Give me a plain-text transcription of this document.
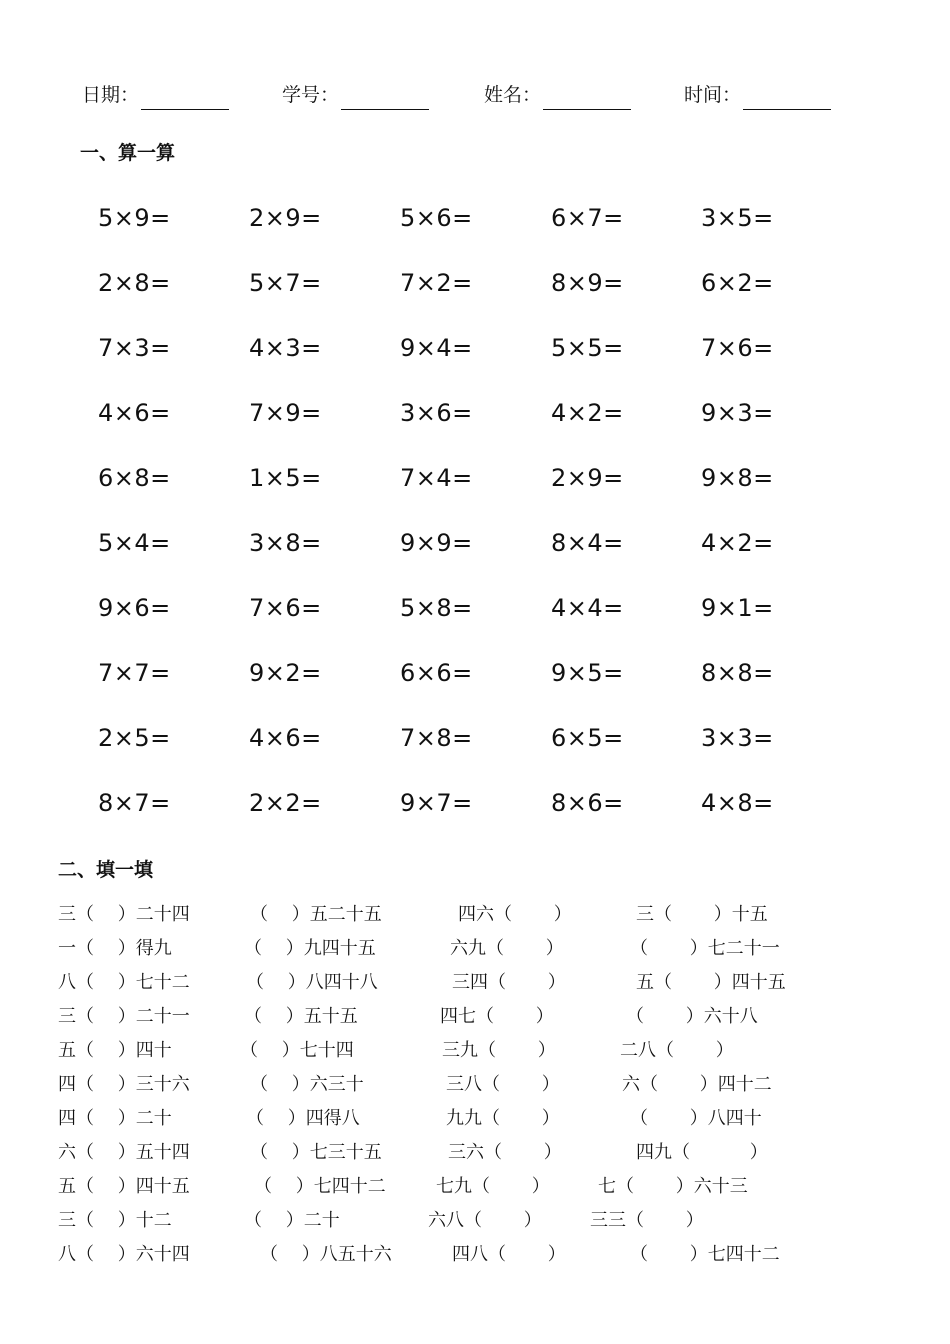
日期：	学号：	姓名：	时间：
一、算一算
5×9=	2×9=	5×6=	6×7=	3×5=
2×8=	5×7=	7×2=	8×9=	6×2=
7×3=	4×3=	9×4=	5×5=	7×6=
4×6=	7×9=	3×6=	4×2=	9×3=
6×8=	1×5=	7×4=	2×9=	9×8=
5×4=	3×8=	9×9=	8×4=	4×2=
9×6=	7×6=	5×8=	4×4=	9×1=
7×7=	9×2=	6×6=	9×5=	8×8=
2×5=	4×6=	7×8=	6×5=	3×3=
8×7=	2×2=	9×7=	8×6=	4×8=
二、填一填
三（　 ）二十四	（　 ）五二十五	四六（　　 ）	三（　　 ）十五
一（　 ）得九	（　 ）九四十五	六九（　　 ）	（　　 ）七二十一
八（　 ）七十二	（　 ）八四十八	三四（　　 ）	五（　　 ）四十五
三（　 ）二十一	（　 ）五十五	四七（　　 ）	（　　 ）六十八
五（　 ）四十	（　 ）七十四	三九（　　 ）	二八（　　 ）
四（　 ）三十六	（　 ）六三十	三八（　　 ）	六（　　 ）四十二
四（　 ）二十	（　 ）四得八	九九（　　 ）	（　　 ）八四十
六（　 ）五十四	（　 ）七三十五	三六（　　 ）	四九（　　　 ）
五（　 ）四十五	（　 ）七四十二	七九（　　 ）	七（　　 ）六十三
三（　 ）十二	（　 ）二十	六八（　　 ）	三三（　　 ）
八（　 ）六十四	（　 ）八五十六	四八（　　 ）	（　　 ）七四十二
